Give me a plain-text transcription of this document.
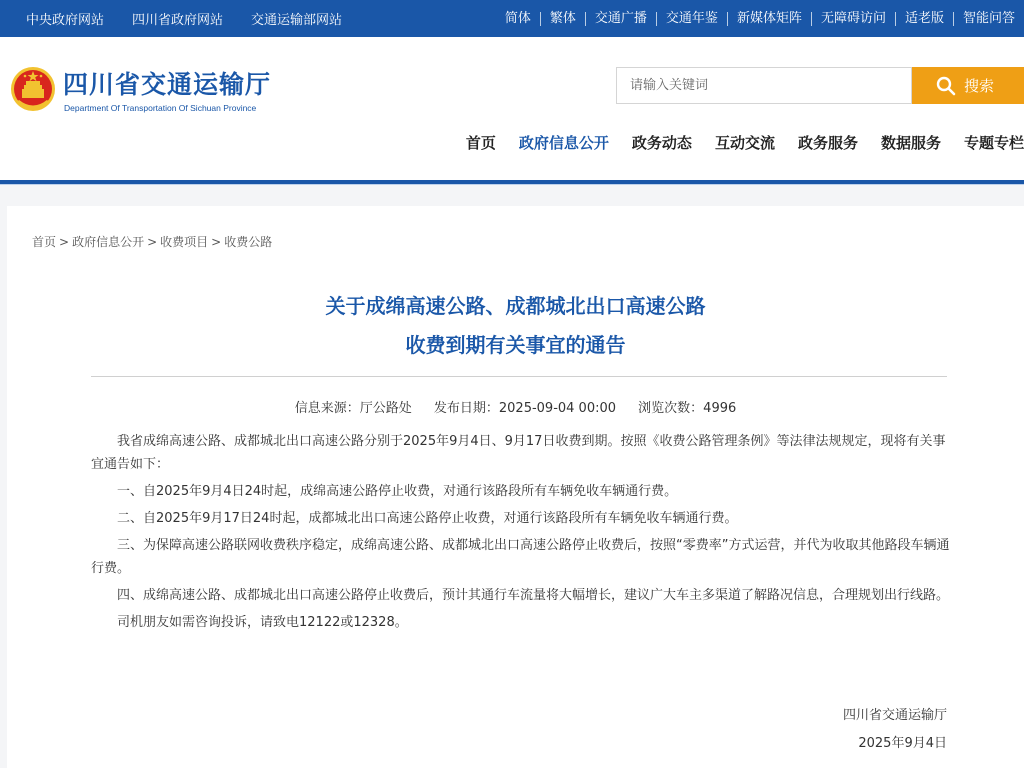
中央政府网站 四川省政府网站 交通运输部网站	简体	繁体	交通广播	交通年鉴	新媒体矩阵	无障碍访问	适老版	智能问答
四川省交通运输厅
Department Of Transportation Of Sichuan Province
请输入关键词
搜索
首页 政府信息公开 政务动态 互动交流 政务服务 数据服务 专题专栏
首页 > 政府信息公开 > 收费项目 > 收费公路
关于成绵高速公路、成都城北出口高速公路
收费到期有关事宜的通告
信息来源：厅公路处 发布日期：2025-09-04 00:00 浏览次数：4996

我省成绵高速公路、成都城北出口高速公路分别于2025年9月4日、9月17日收费到期。按照《收费公路管理条例》等法律法规规定，现将有关事宜通告如下：

一、自2025年9月4日24时起，成绵高速公路停止收费，对通行该路段所有车辆免收车辆通行费。

二、自2025年9月17日24时起，成都城北出口高速公路停止收费，对通行该路段所有车辆免收车辆通行费。

三、为保障高速公路联网收费秩序稳定，成绵高速公路、成都城北出口高速公路停止收费后，按照“零费率”方式运营，并代为收取其他路段车辆通行费。

四、成绵高速公路、成都城北出口高速公路停止收费后，预计其通行车流量将大幅增长，建议广大车主多渠道了解路况信息，合理规划出行线路。

司机朋友如需咨询投诉，请致电12122或12328。

四川省交通运输厅
2025年9月4日
